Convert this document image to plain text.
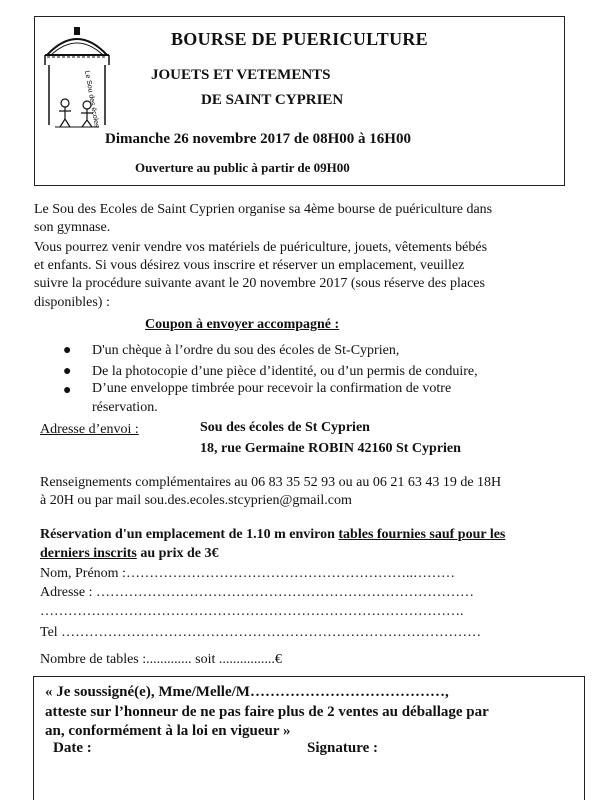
Le Sou des écoles
BOURSE DE PUERICULTURE
JOUETS ET VETEMENTS
DE SAINT CYPRIEN
Dimanche 26 novembre 2017 de 08H00 à 16H00
Ouverture au public à partir de 09H00
Le Sou des Ecoles de Saint Cyprien organise sa 4ème bourse de puériculture dans
son gymnase.
Vous pourrez venir vendre vos matériels de puériculture, jouets, vêtements bébés
et enfants. Si vous désirez vous inscrire et réserver un emplacement, veuillez
suivre la procédure suivante avant le 20 novembre 2017 (sous réserve des places
disponibles) :
Coupon à envoyer accompagné :
● D'un chèque à l’ordre du sou des écoles de St-Cyprien,
● De la photocopie d’une pièce d’identité, ou d’un permis de conduire,
● D’une enveloppe timbrée pour recevoir la confirmation de votre
réservation.
Adresse d’envoi :	Sou des écoles de St Cyprien
18, rue Germaine ROBIN 42160 St Cyprien
Renseignements complémentaires au 06 83 35 52 93 ou au 06 21 63 43 19 de 18H
à 20H ou par mail sou.des.ecoles.stcyprien@gmail.com
Réservation d'un emplacement de 1.10 m environ tables fournies sauf pour les
derniers inscrits au prix de 3€
Nom, Prénom :……………………………………………………..………
Adresse : ………………………………………………………………………
……………………………………………………………………………….
Tel ………………………………………………………………………………
Nombre de tables :............. soit ................€
« Je soussigné(e), Mme/Melle/M…………………………………,
atteste sur l’honneur de ne pas faire plus de 2 ventes au déballage par
an, conformément à la loi en vigueur »
Date :	Signature :
